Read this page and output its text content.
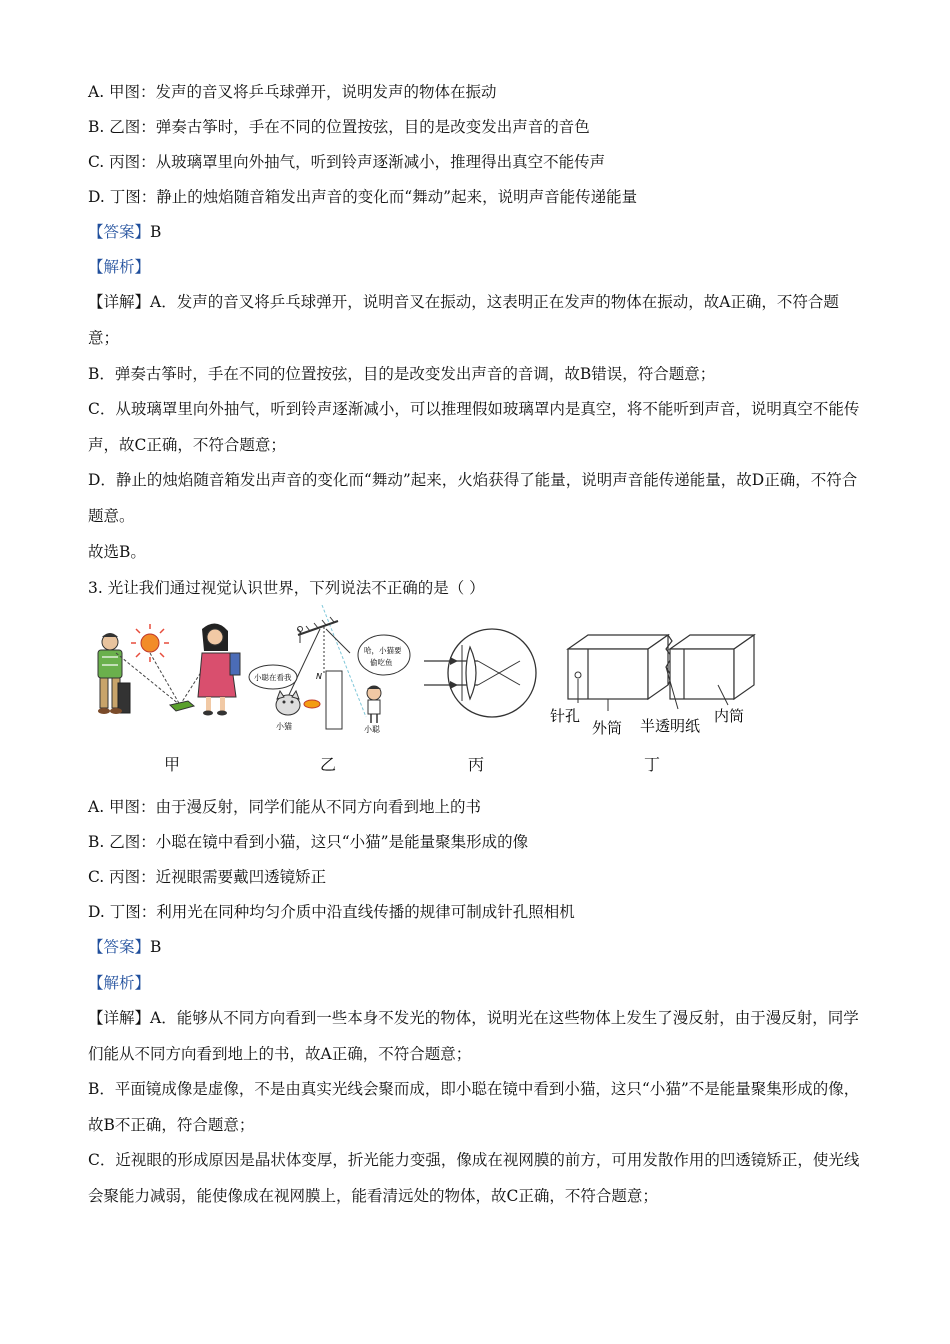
A. 甲图：发声的音叉将乒乓球弹开，说明发声的物体在振动
B. 乙图：弹奏古筝时，手在不同的位置按弦，目的是改变发出声音的音色
C. 丙图：从玻璃罩里向外抽气，听到铃声逐渐减小，推理得出真空不能传声
D. 丁图：静止的烛焰随音箱发出声音的变化而“舞动”起来，说明声音能传递能量
【答案】B
【解析】
【详解】A．发声的音叉将乒乓球弹开，说明音叉在振动，这表明正在发声的物体在振动，故A正确，不符合题意；
B．弹奏古筝时，手在不同的位置按弦，目的是改变发出声音的音调，故B错误，符合题意；
C．从玻璃罩里向外抽气，听到铃声逐渐减小，可以推理假如玻璃罩内是真空，将不能听到声音，说明真空不能传声，故C正确，不符合题意；
D．静止的烛焰随音箱发出声音的变化而“舞动”起来，火焰获得了能量，说明声音能传递能量，故D正确，不符合题意。
故选B。
3. 光让我们通过视觉认识世界，下列说法不正确的是（ ）
N
小猫
小聪在看我
哈，小猫要
偷吃鱼
小聪
针孔
外筒 半透明纸
内筒
甲	乙	丙	丁
A. 甲图：由于漫反射，同学们能从不同方向看到地上的书
B. 乙图：小聪在镜中看到小猫，这只“小猫”是能量聚集形成的像
C. 丙图：近视眼需要戴凹透镜矫正
D. 丁图：利用光在同种均匀介质中沿直线传播的规律可制成针孔照相机
【答案】B
【解析】
【详解】A．能够从不同方向看到一些本身不发光的物体，说明光在这些物体上发生了漫反射，由于漫反射，同学们能从不同方向看到地上的书，故A正确，不符合题意；
B．平面镜成像是虚像，不是由真实光线会聚而成，即小聪在镜中看到小猫，这只“小猫”不是能量聚集形成的像，故B不正确，符合题意；
C．近视眼的形成原因是晶状体变厚，折光能力变强，像成在视网膜的前方，可用发散作用的凹透镜矫正，使光线会聚能力减弱，能使像成在视网膜上，能看清远处的物体，故C正确，不符合题意；
